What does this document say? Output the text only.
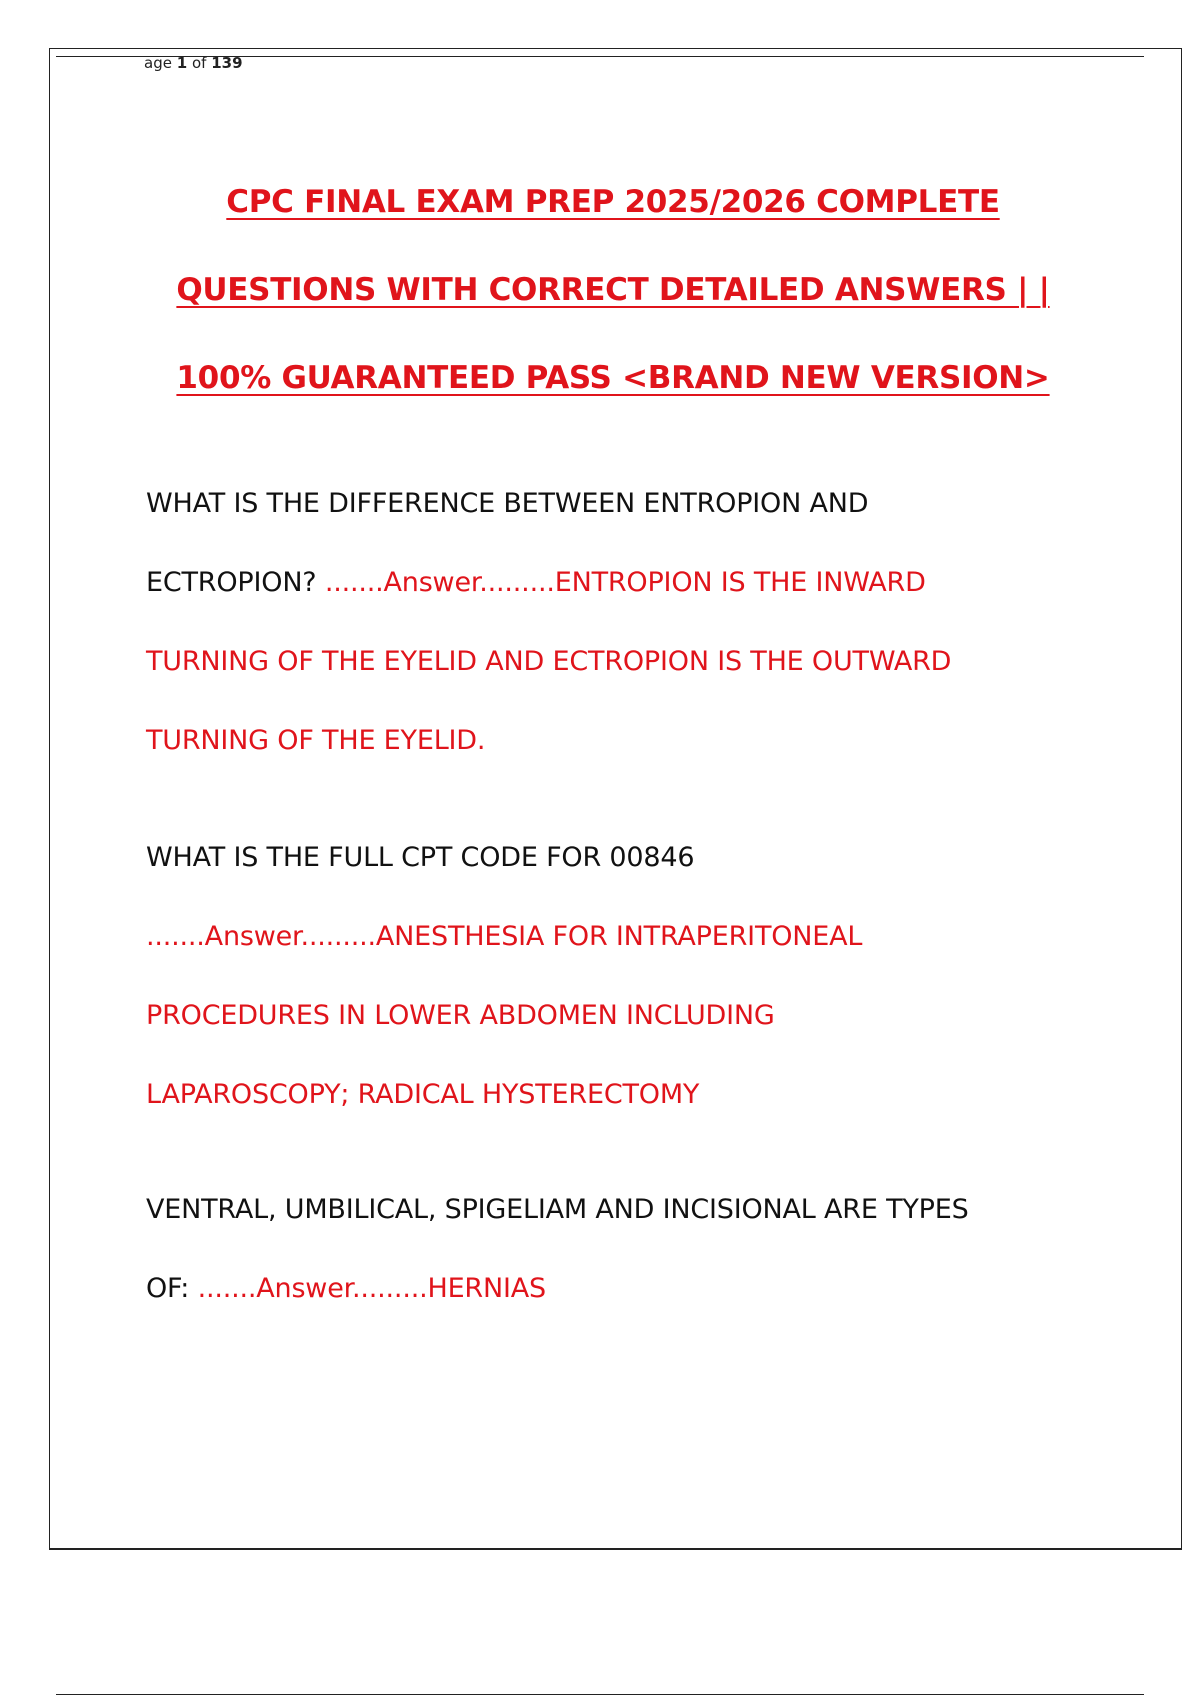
age 1 of 139
CPC FINAL EXAM PREP 2025/2026 COMPLETE
QUESTIONS WITH CORRECT DETAILED ANSWERS | |
100% GUARANTEED PASS <BRAND NEW VERSION>
WHAT IS THE DIFFERENCE BETWEEN ENTROPION AND
ECTROPION? .......Answer.........ENTROPION IS THE INWARD
TURNING OF THE EYELID AND ECTROPION IS THE OUTWARD
TURNING OF THE EYELID.
WHAT IS THE FULL CPT CODE FOR 00846
.......Answer.........ANESTHESIA FOR INTRAPERITONEAL
PROCEDURES IN LOWER ABDOMEN INCLUDING
LAPAROSCOPY; RADICAL HYSTERECTOMY
VENTRAL, UMBILICAL, SPIGELIAM AND INCISIONAL ARE TYPES
OF: .......Answer.........HERNIAS
